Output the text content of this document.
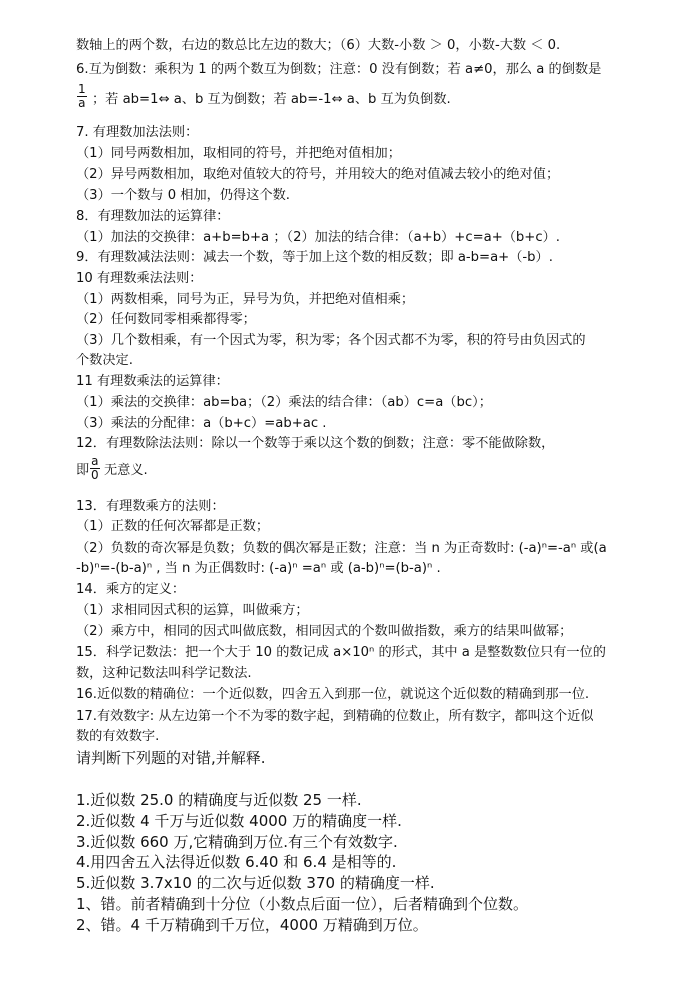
数轴上的两个数，右边的数总比左边的数大；（6）大数-小数 ＞ 0，小数-大数 ＜ 0.
6.互为倒数：乘积为 1 的两个数互为倒数；注意：0 没有倒数；若 a≠0，那么 a 的倒数是
$\frac{1}{a}$ ；若 ab=1⇔ a、b 互为倒数；若 ab=-1⇔ a、b 互为负倒数.
7. 有理数加法法则：
（1）同号两数相加，取相同的符号，并把绝对值相加；
（2）异号两数相加，取绝对值较大的符号，并用较大的绝对值减去较小的绝对值；
（3）一个数与 0 相加，仍得这个数.
8．有理数加法的运算律：
（1）加法的交换律：a+b=b+a ；（2）加法的结合律：（a+b）+c=a+（b+c）.
9．有理数减法法则：减去一个数，等于加上这个数的相反数；即 a-b=a+（-b）.
10 有理数乘法法则：
（1）两数相乘，同号为正，异号为负，并把绝对值相乘；
（2）任何数同零相乘都得零；
（3）几个数相乘，有一个因式为零，积为零；各个因式都不为零，积的符号由负因式的
个数决定.
11 有理数乘法的运算律：
（1）乘法的交换律：ab=ba；（2）乘法的结合律：（ab）c=a（bc）；
（3）乘法的分配律：a（b+c）=ab+ac .
12．有理数除法法则：除以一个数等于乘以这个数的倒数；注意：零不能做除数，
即 $\frac{a}{0}$ 无意义.
13．有理数乘方的法则：
（1）正数的任何次幂都是正数；
（2）负数的奇次幂是负数；负数的偶次幂是正数；注意：当 n 为正奇数时: (-a)ⁿ=-aⁿ 或(a
-b)ⁿ=-(b-a)ⁿ , 当 n 为正偶数时: (-a)ⁿ =aⁿ 或 (a-b)ⁿ=(b-a)ⁿ .
14．乘方的定义：
（1）求相同因式积的运算，叫做乘方；
（2）乘方中，相同的因式叫做底数，相同因式的个数叫做指数，乘方的结果叫做幂；
15．科学记数法：把一个大于 10 的数记成 a×10ⁿ 的形式，其中 a 是整数数位只有一位的
数，这种记数法叫科学记数法.
16.近似数的精确位：一个近似数，四舍五入到那一位，就说这个近似数的精确到那一位.
17.有效数字: 从左边第一个不为零的数字起，到精确的位数止，所有数字，都叫这个近似
数的有效数字.
请判断下列题的对错,并解释.
1.近似数 25.0 的精确度与近似数 25 一样.
2.近似数 4 千万与近似数 4000 万的精确度一样.
3.近似数 660 万,它精确到万位.有三个有效数字.
4.用四舍五入法得近似数 6.40 和 6.4 是相等的.
5.近似数 3.7x10 的二次与近似数 370 的精确度一样.
1、错。前者精确到十分位（小数点后面一位），后者精确到个位数。
2、错。4 千万精确到千万位，4000 万精确到万位。
